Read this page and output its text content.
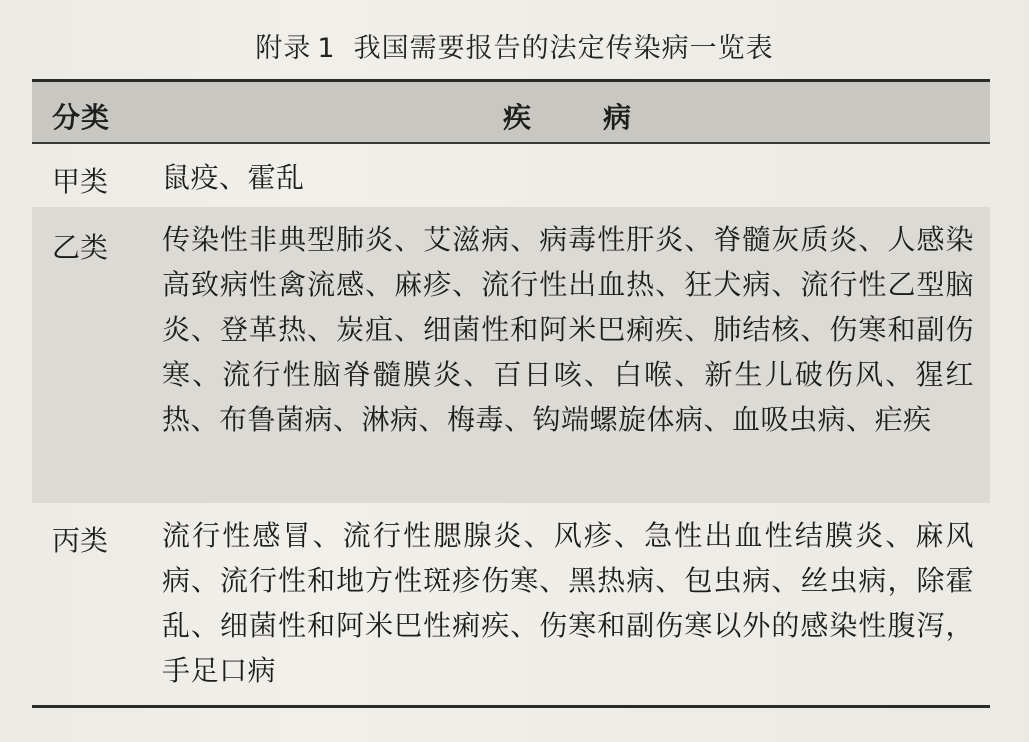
附录 1 我国需要报告的法定传染病一览表
分类	疾　病
甲类 鼠疫、霍乱
乙类 传染性非典型肺炎、艾滋病、病毒性肝炎、脊髓灰质炎、人感染高致病性禽流感、麻疹、流行性出血热、狂犬病、流行性乙型脑炎、登革热、炭疽、细菌性和阿米巴痢疾、肺结核、伤寒和副伤寒、流行性脑脊髓膜炎、百日咳、白喉、新生儿破伤风、猩红热、布鲁菌病、淋病、梅毒、钩端螺旋体病、血吸虫病、疟疾
丙类 流行性感冒、流行性腮腺炎、风疹、急性出血性结膜炎、麻风病、流行性和地方性斑疹伤寒、黑热病、包虫病、丝虫病，除霍乱、细菌性和阿米巴性痢疾、伤寒和副伤寒以外的感染性腹泻，手足口病
